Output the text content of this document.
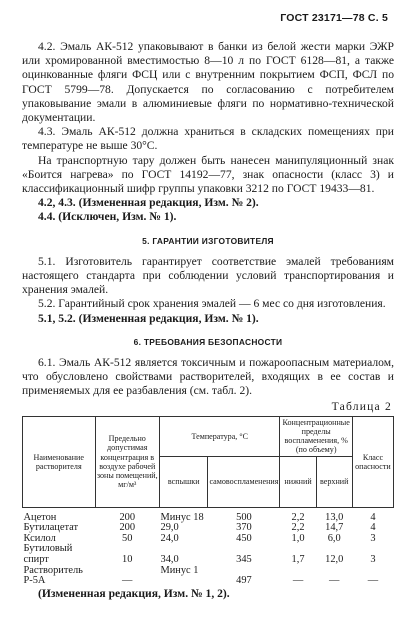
ГОСТ 23171—78 С. 5

4.2. Эмаль АК-512 упаковывают в банки из белой жести марки ЭЖР или хромированной вместимостью 8—10 л по ГОСТ 6128—81, а также оцинкованные фляги ФСЦ или с внутренним покрытием ФСП, ФСЛ по ГОСТ 5799—78. Допускается по согласованию с потребителем упаковывание эмали в алюминиевые фляги по нормативно-технической документации.

4.3. Эмаль АК-512 должна храниться в складских помещениях при температуре не выше 30°С.

На транспортную тару должен быть нанесен манипуляционный знак «Боится нагрева» по ГОСТ 14192—77, знак опасности (класс 3) и классификационный шифр группы упаковки 3212 по ГОСТ 19433—81.

4.2, 4.3. (Измененная редакция, Изм. № 2).

4.4. (Исключен, Изм. № 1).

5. ГАРАНТИИ ИЗГОТОВИТЕЛЯ

5.1. Изготовитель гарантирует соответствие эмалей требованиям настоящего стандарта при соблюдении условий транспортирования и хранения эмалей.

5.2. Гарантийный срок хранения эмалей — 6 мес со дня изготовления.

5.1, 5.2. (Измененная редакция, Изм. № 1).

6. ТРЕБОВАНИЯ БЕЗОПАСНОСТИ

6.1. Эмаль АК-512 является токсичным и пожароопасным материалом, что обусловлено свойствами растворителей, входящих в ее состав и применяемых для ее разбавления (см. табл. 2).

Таблица 2
Наименование растворителя	Предельно допустимая концентрация в воздухе рабочей зоны помещений, мг/м³	Температура, °С		Концентрационные пределы воспламенения, % (по объему)		Класс опасности
		вспышки	самовоспламенения	нижний	верхний	
Ацетон	200	Минус 18	500	2,2	13,0	4
Бутилацетат	200	29,0	370	2,2	14,7	4
Ксилол	50	24,0	450	1,0	6,0	3
Бутиловый спирт	10	34,0	345	1,7	12,0	3
Растворитель Р-5А	—	Минус 1	497	—	—	—

(Измененная редакция, Изм. № 1, 2).
